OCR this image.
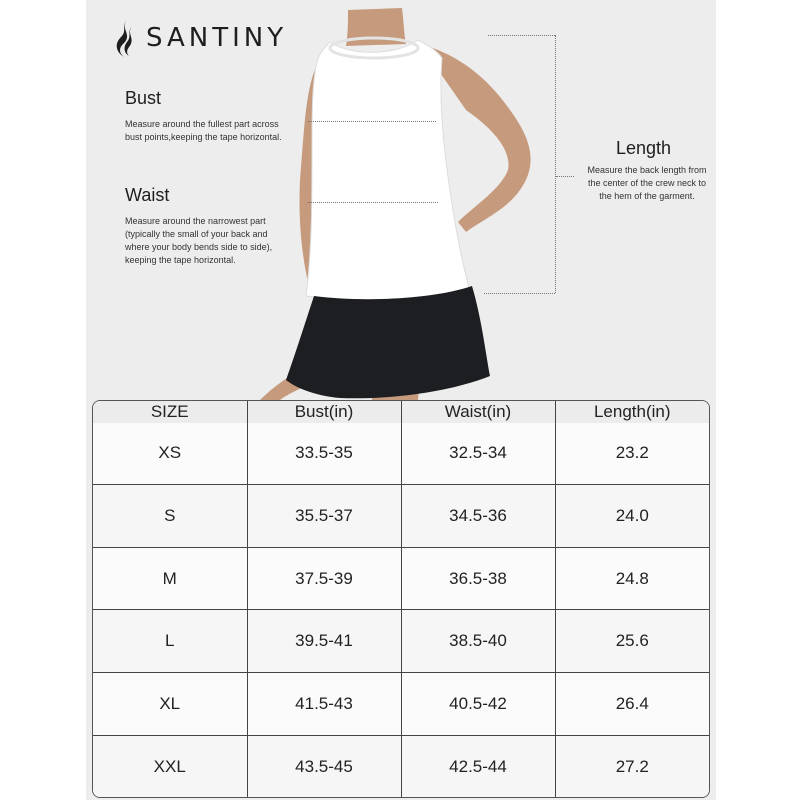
SANTINY
Bust
Measure around the fullest part across
bust points,keeping the tape horizontal.
Waist
Measure around the narrowest part
(typically the small of your back and
where your body bends side to side),
keeping the tape horizontal.
Length
Measure the back length from
the center of the crew neck to
the hem of the garment.
SIZE	Bust(in)	Waist(in)	Length(in)
XS	33.5-35	32.5-34	23.2
S	35.5-37	34.5-36	24.0
M	37.5-39	36.5-38	24.8
L	39.5-41	38.5-40	25.6
XL	41.5-43	40.5-42	26.4
XXL	43.5-45	42.5-44	27.2
